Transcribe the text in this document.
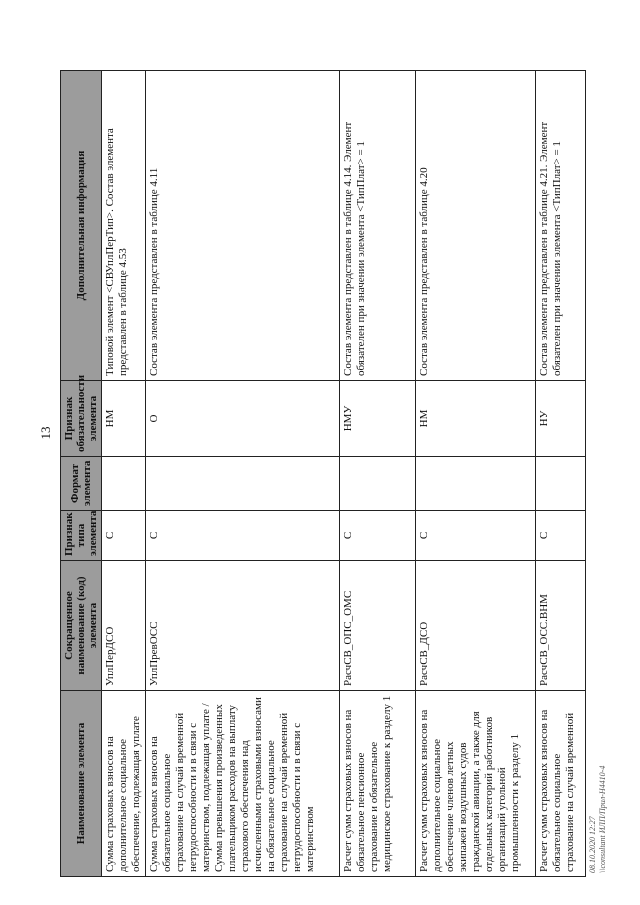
13
Наименование элемента	Сокращенное наименование (код) элемента	Признак типа элемента	Формат элемента	Признак обязательности элемента	Дополнительная информация
Сумма страховых взносов на дополнительное социальное обеспечение, подлежащая уплате	УплПерДСО	С		НМ	Типовой элемент <СВУплПерТип>. Состав элемента представлен в таблице 4.53
Сумма страховых взносов на обязательное социальное страхование на случай временной нетрудоспособности и в связи с материнством, подлежащая уплате / Сумма превышения произведенных плательщиком расходов на выплату страхового обеспечения над исчисленными страховыми взносами на обязательное социальное страхование на случай временной нетрудоспособности и в связи с материнством	УплПревОСС	С		О	Состав элемента представлен в таблице 4.11
Расчет сумм страховых взносов на обязательное пенсионное страхование и обязательное медицинское страхование к разделу 1	РасчСВ_ОПС_ОМС	С		НМУ	Состав элемента представлен в таблице 4.14. Элемент обязателен при значении элемента <ТипПлат> = 1
Расчет сумм страховых взносов на дополнительное социальное обеспечение членов летных экипажей воздушных судов гражданской авиации, а также для отдельных категорий работников организаций угольной промышленности к разделу 1	РасчСВ_ДСО	С		НМ	Состав элемента представлен в таблице 4.20
Расчет сумм страховых взносов на обязательное социальное страхование на случай временной	РасчСВ_ОСС.ВНМ	С		НУ	Состав элемента представлен в таблице 4.21. Элемент обязателен при значении элемента <ТипПлат> = 1
08.10.2020 12:27 \\consultant ИЛП/Прил-Н4410-4
